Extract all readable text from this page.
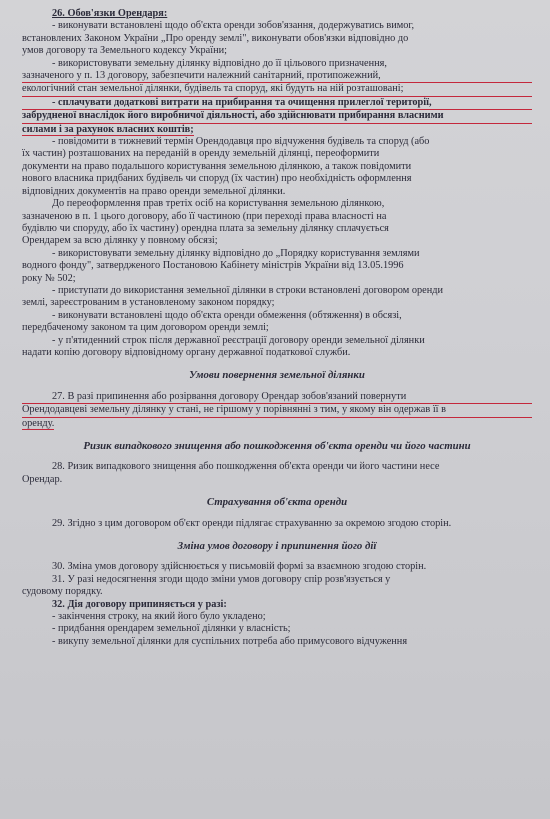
26. Обов'язки Орендаря:
- виконувати встановлені щодо об'єкта оренди зобов'язання, додержуватись вимог,
встановлених Законом України „Про оренду землі", виконувати обов'язки відповідно до
умов договору та Земельного кодексу України;
- використовувати земельну ділянку відповідно до її цільового призначення,
зазначеного у п. 13 договору, забезпечити належний санітарний, протипожежний,
екологічний стан земельної ділянки, будівель та споруд, які будуть на ній розташовані;
- сплачувати додаткові витрати на прибирання та очищення прилеглої території,
забрудненої внаслідок його виробничої діяльності, або здійснювати прибирання власними
силами і за рахунок власних коштів;
- повідомити в тижневий термін Орендодавця про відчуження будівель та споруд (або
їх частин) розташованих на переданій в оренду земельній ділянці, переоформити
документи на право подальшого користування земельною ділянкою, а також повідомити
нового власника придбаних будівель чи споруд (їх частин) про необхідність оформлення
відповідних документів на право оренди земельної ділянки.
До переоформлення прав третіх осіб на користування земельною ділянкою,
зазначеною в п. 1 цього договору, або її частиною (при переході права власності на
будівлю чи споруду, або їх частину) орендна плата за земельну ділянку сплачується
Орендарем за всю ділянку у повному обсязі;
- використовувати земельну ділянку відповідно до „Порядку користування землями
водного фонду", затвердженого Постановою Кабінету міністрів України від 13.05.1996
року № 502;
- приступати до використання земельної ділянки в строки встановлені договором оренди
землі, зареєстрованим в установленому законом порядку;
- виконувати встановлені щодо об'єкта оренди обмеження (обтяження) в обсязі,
передбаченому законом та цим договором оренди землі;
- у п'ятиденний строк після державної реєстрації договору оренди земельної ділянки
надати копію договору відповідному органу державної податкової служби.
Умови повернення земельної ділянки
27. В разі припинення або розірвання договору Орендар зобов'язаний повернути
Орендодавцеві земельну ділянку у стані, не гіршому у порівнянні з тим, у якому він одержав її в
оренду.
Ризик випадкового знищення або пошкодження об'єкта оренди чи його частини
28. Ризик випадкового знищення або пошкодження об'єкта оренди чи його частини несе
Орендар.
Страхування об'єкта оренди
29. Згідно з цим договором об'єкт оренди підлягає страхуванню за окремою згодою сторін.
Зміна умов договору і припинення його дії
30. Зміна умов договору здійснюється у письмовій формі за взаємною згодою сторін.
31. У разі недосягнення згоди щодо зміни умов договору спір розв'язується у
судовому порядку.
32. Дія договору припиняється у разі:
- закінчення строку, на який його було укладено;
- придбання орендарем земельної ділянки у власність;
- викупу земельної ділянки для суспільних потреба або примусового відчуження
